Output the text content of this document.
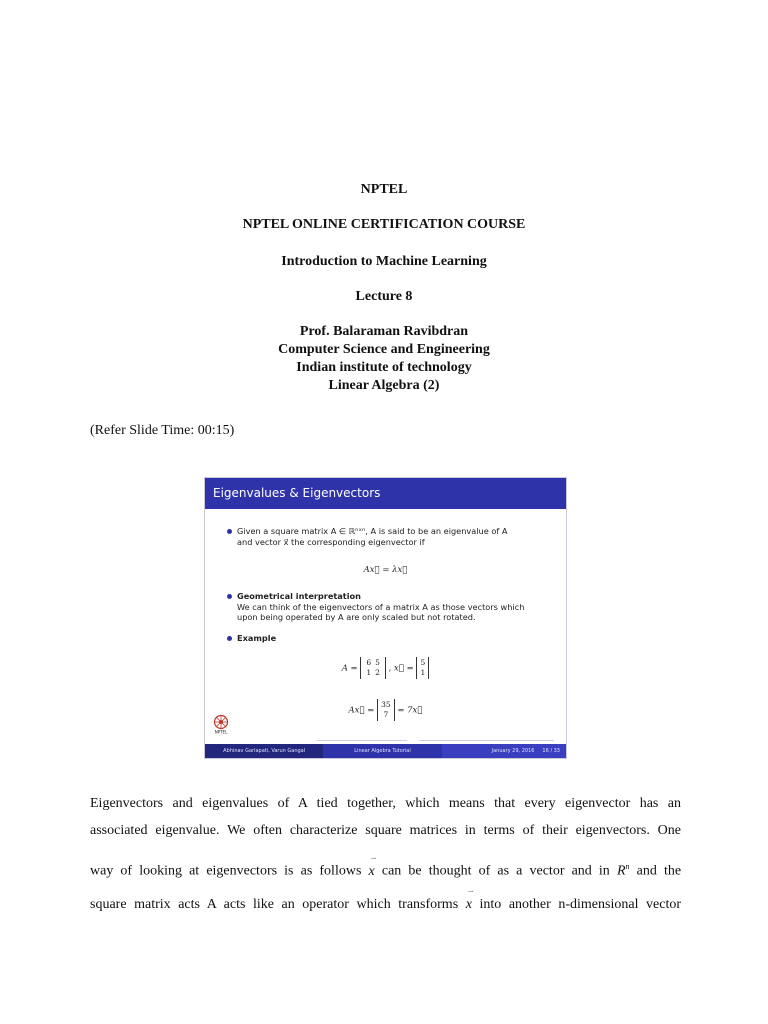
NPTEL
NPTEL ONLINE CERTIFICATION COURSE
Introduction to Machine Learning
Lecture 8
Prof. Balaraman Ravibdran
Computer Science and Engineering
Indian institute of technology
Linear Algebra (2)
(Refer Slide Time: 00:15)
Eigenvalues & Eigenvectors
Given a square matrix A ∈ ℝⁿˣⁿ, A is said to be an eigenvalue of A
and vector x⃗ the corresponding eigenvector if
Ax⃗ = λx⃗
Geometrical interpretation
We can think of the eigenvectors of a matrix A as those vectors which
upon being operated by A are only scaled but not rotated.
Example
A =
6	5
1	2 , x⃗ =
5
1
Ax⃗ =
35
7 = 7x⃗
NPTEL
Abhinav Garlapati, Varun Gangal	Linear Algebra Tutorial	January 29, 2016 16 / 33
Eigenvectors and eigenvalues of A tied together, which means that every eigenvector has an
associated eigenvalue. We often characterize square matrices in terms of their eigenvectors. One
way of looking at eigenvectors is as follows
⇀
x can be thought of as a vector and in $R^n$ and the
square matrix acts A acts like an operator which transforms
⇀
x into another n-dimensional vector
